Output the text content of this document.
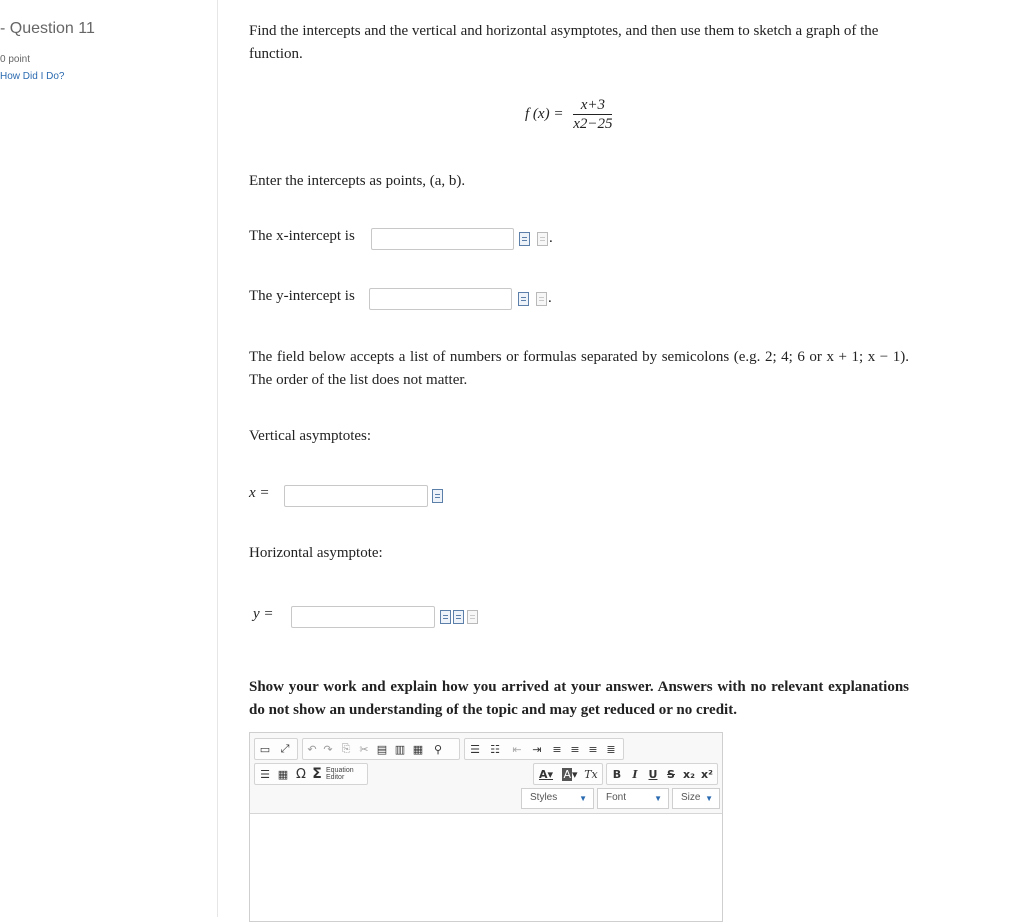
- Question 11
0 point
How Did I Do?
Find the intercepts and the vertical and horizontal asymptotes, and then use them to sketch a graph of the function.
f $(x) = \frac{x+3}{x2-25}$
Enter the intercepts as points, (a, b).
The x-intercept is
The y-intercept is
The field below accepts a list of numbers or formulas separated by semicolons (e.g. 2; 4; 6 or x + 1; x − 1). The order of the list does not matter.
Vertical asymptotes:
x =
Horizontal asymptote:
y =
Show your work and explain how you arrived at your answer. Answers with no relevant explanations do not show an understanding of the topic and may get reduced or no credit.
.
.
▭ ⤢	↶ ↷ ⎘ ✂ ▤ ▥ ▦ ⚲	☰ ☷	⇤ ⇥ ≡ ≡ ≡ ≣
☰ ▦ Ω Σ Equation
Editor	A ▾ A ▾ Tx	B	I U S x₂ x²
Styles	▼	Font	▼	Size ▼
